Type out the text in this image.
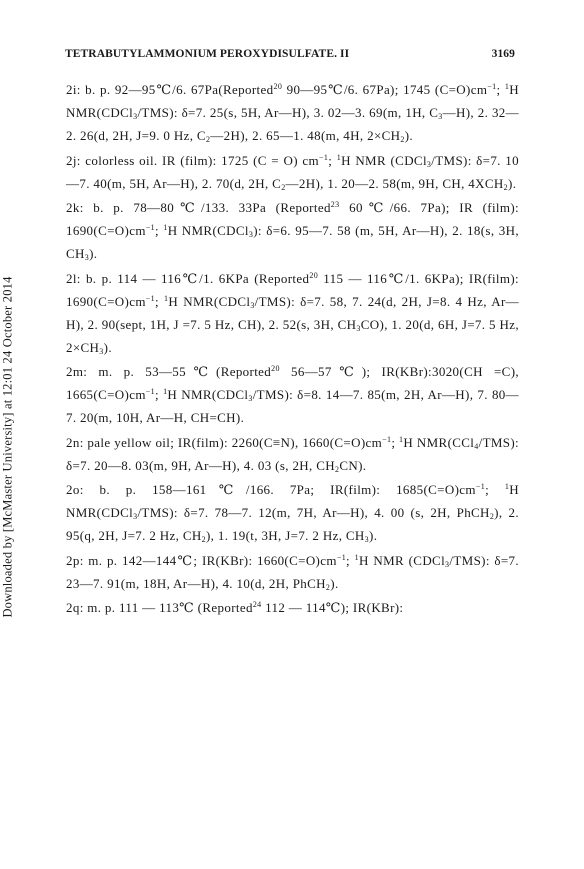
Downloaded by [McMaster University] at 12:01 24 October 2014
TETRABUTYLAMMONIUM PEROXYDISULFATE. II	3169

2i: b. p. 92—95℃/6. 67Pa(Reported$^{20}$ 90—95℃/6. 67Pa); 1745 $(C=O)cm^{-1}$; $^1$H NMR(CDCl$_3$/TMS): δ=7. 25(s, 5H, Ar—H), 3. 02—3. 69(m, 1H, $C_3—H$), 2. 32—2. 26(d, 2H, J=9. 0 Hz, $C_2—2H$), 2. 65—1. 48(m, 4H, $2\times CH_2$).

2j: colorless oil. IR (film): 1725 (C = O) $cm^{-1}$; $^1$H NMR (CDCl$_3$/TMS): δ=7. 10—7. 40(m, 5H, Ar—H), 2. 70(d, 2H, $C_2—2H$), 1. 20—2. 58(m, 9H, CH, $4XCH_2$).

2k: b. p. 78—80℃/133. 33Pa (Reported$^{23}$ 60℃/66. 7Pa); IR (film): $1690(C=O)cm^{-1}$; $^1$H NMR(CDCl$_3$): δ=6. 95—7. 58 (m, 5H, Ar—H), 2. 18(s, 3H, $CH_3$).

2l: b. p. 114 — 116℃/1. 6KPa (Reported$^{20}$ 115 — 116℃/1. 6KPa); IR(film): $1690(C=O)cm^{-1}$; $^1$H NMR(CDCl$_3$/TMS): δ=7. 58, 7. 24(d, 2H, J=8. 4 Hz, Ar—H), 2. 90(sept, 1H, J =7. 5 Hz, CH), 2. 52(s, 3H, $CH_3CO$), 1. 20(d, 6H, J=7. 5 Hz, $2\times CH_3$).

2m: m. p. 53—55℃(Reported$^{20}$ 56—57℃); IR(KBr):3020(CH =C), $1665(C=O)cm^{-1}$; $^1$H NMR(CDCl$_3$/TMS): δ=8. 14—7. 85(m, 2H, Ar—H), 7. 80—7. 20(m, 10H, Ar—H, CH=CH).

2n: pale yellow oil; IR(film): 2260(C≡N), $1660(C=O)cm^{-1}$; $^1$H NMR(CCl$_4$/TMS): δ=7. 20—8. 03(m, 9H, Ar—H), 4. 03 (s, 2H, $CH_2CN$).

2o: b. p. 158—161℃/166. 7Pa; IR(film): $1685(C=O)cm^{-1}$; $^1$H NMR(CDCl$_3$/TMS): δ=7. 78—7. 12(m, 7H, Ar—H), 4. 00 (s, 2H, PhCH$_2$), 2. 95(q, 2H, J=7. 2 Hz, $CH_2$), 1. 19(t, 3H, J=7. 2 Hz, $CH_3$).

2p: m. p. 142—144℃; IR(KBr): $1660(C=O)cm^{-1}$; $^1$H NMR (CDCl$_3$/TMS): δ=7. 23—7. 91(m, 18H, Ar—H), 4. 10(d, 2H, PhCH$_2$).

2q: m. p. 111 — 113℃ (Reported$^{24}$ 112 — 114℃); IR(KBr):
